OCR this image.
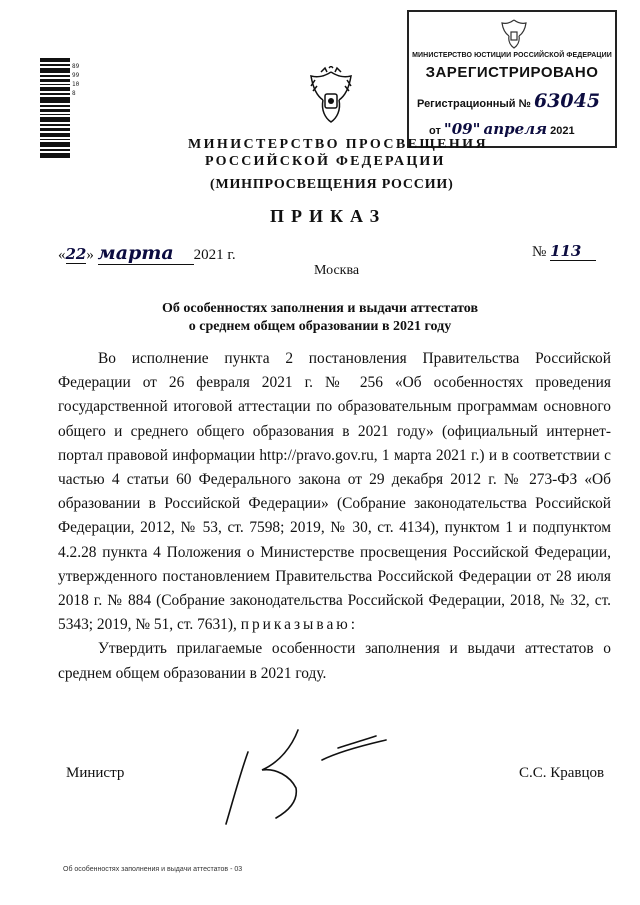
8999108
МИНИСТЕРСТВО ЮСТИЦИИ РОССИЙСКОЙ ФЕДЕРАЦИИ
ЗАРЕГИСТРИРОВАНО
Регистрационный № 63045
от "09" апреля 2021
МИНИСТЕРСТВО ПРОСВЕЩЕНИЯ
РОССИЙСКОЙ ФЕДЕРАЦИИ
(МИНПРОСВЕЩЕНИЯ РОССИИ)
ПРИКАЗ
«22» марта 2021 г.	№ 113
Москва
Об особенностях заполнения и выдачи аттестатов
о среднем общем образовании в 2021 году

Во исполнение пункта 2 постановления Правительства Российской Федерации от 26 февраля 2021 г. № 256 «Об особенностях проведения государственной итоговой аттестации по образовательным программам основного общего и среднего общего образования в 2021 году» (официальный интернет-портал правовой информации http://pravo.gov.ru, 1 марта 2021 г.) и в соответствии с частью 4 статьи 60 Федерального закона от 29 декабря 2012 г. № 273-ФЗ «Об образовании в Российской Федерации» (Собрание законодательства Российской Федерации, 2012, № 53, ст. 7598; 2019, № 30, ст. 4134), пунктом 1 и подпунктом 4.2.28 пункта 4 Положения о Министерстве просвещения Российской Федерации, утвержденного постановлением Правительства Российской Федерации от 28 июля 2018 г. № 884 (Собрание законодательства Российской Федерации, 2018, № 32, ст. 5343; 2019, № 51, ст. 7631), приказываю:

Утвердить прилагаемые особенности заполнения и выдачи аттестатов о среднем общем образовании в 2021 году.

Министр	С.С. Кравцов
Об особенностях заполнения и выдачи аттестатов - 03
